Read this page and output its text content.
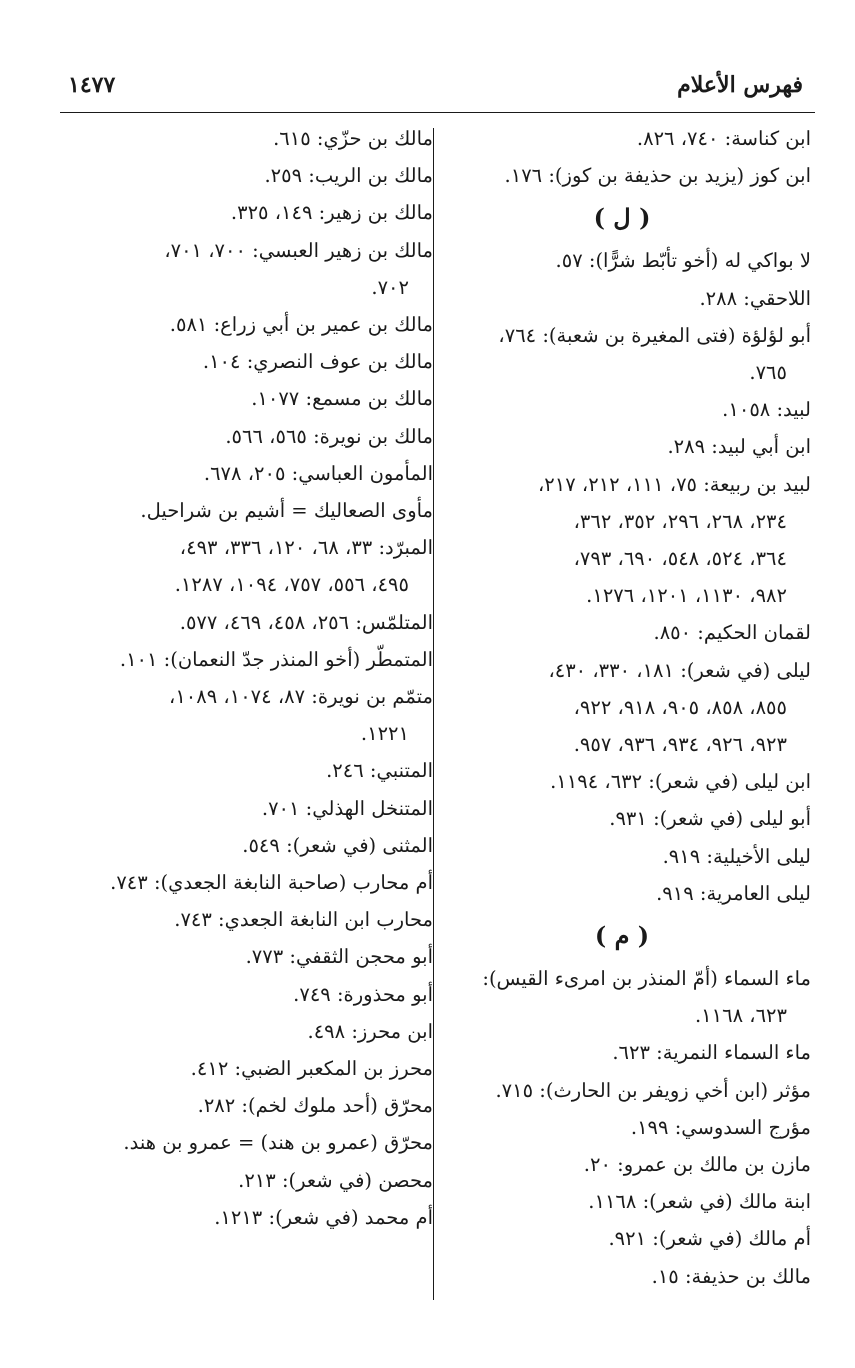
فهرس الأعلام
١٤٧٧
ابن كناسة: ٧٤٠، ٨٢٦.
ابن كوز (يزيد بن حذيفة بن كوز): ١٧٦.
( ل )
لا بواكي له (أخو تأبّط شرًّا): ٥٧.
اللاحقي: ٢٨٨.
أبو لؤلؤة (فتى المغيرة بن شعبة): ٧٦٤،
٧٦٥.
لبيد: ١٠٥٨.
ابن أبي لبيد: ٢٨٩.
لبيد بن ربيعة: ٧٥، ١١١، ٢١٢، ٢١٧،
٢٣٤، ٢٦٨، ٢٩٦، ٣٥٢، ٣٦٢،
٣٦٤، ٥٢٤، ٥٤٨، ٦٩٠، ٧٩٣،
٩٨٢، ١١٣٠، ١٢٠١، ١٢٧٦.
لقمان الحكيم: ٨٥٠.
ليلى (في شعر): ١٨١، ٣٣٠، ٤٣٠،
٨٥٥، ٨٥٨، ٩٠٥، ٩١٨، ٩٢٢،
٩٢٣، ٩٢٦، ٩٣٤، ٩٣٦، ٩٥٧.
ابن ليلى (في شعر): ٦٣٢، ١١٩٤.
أبو ليلى (في شعر): ٩٣١.
ليلى الأخيلية: ٩١٩.
ليلى العامرية: ٩١٩.
( م )
ماء السماء (أمّ المنذر بن امرىء القيس):
٦٢٣، ١١٦٨.
ماء السماء النمرية: ٦٢٣.
مؤثر (ابن أخي زويفر بن الحارث): ٧١٥.
مؤرج السدوسي: ١٩٩.
مازن بن مالك بن عمرو: ٢٠.
ابنة مالك (في شعر): ١١٦٨.
أم مالك (في شعر): ٩٢١.
مالك بن حذيفة: ١٥.
مالك بن حزّي: ٦١٥.
مالك بن الريب: ٢٥٩.
مالك بن زهير: ١٤٩، ٣٢٥.
مالك بن زهير العبسي: ٧٠٠، ٧٠١،
٧٠٢.
مالك بن عمير بن أبي زراع: ٥٨١.
مالك بن عوف النصري: ١٠٤.
مالك بن مسمع: ١٠٧٧.
مالك بن نويرة: ٥٦٥، ٥٦٦.
المأمون العباسي: ٢٠٥، ٦٧٨.
مأوى الصعاليك = أشيم بن شراحيل.
المبرّد: ٣٣، ٦٨، ١٢٠، ٣٣٦، ٤٩٣،
٤٩٥، ٥٥٦، ٧٥٧، ١٠٩٤، ١٢٨٧.
المتلمّس: ٢٥٦، ٤٥٨، ٤٦٩، ٥٧٧.
المتمطّر (أخو المنذر جدّ النعمان): ١٠١.
متمّم بن نويرة: ٨٧، ١٠٧٤، ١٠٨٩،
١٢٢١.
المتنبي: ٢٤٦.
المتنخل الهذلي: ٧٠١.
المثنى (في شعر): ٥٤٩.
أم محارب (صاحبة النابغة الجعدي): ٧٤٣.
محارب ابن النابغة الجعدي: ٧٤٣.
أبو محجن الثقفي: ٧٧٣.
أبو محذورة: ٧٤٩.
ابن محرز: ٤٩٨.
محرز بن المكعبر الضبي: ٤١٢.
محرّق (أحد ملوك لخم): ٢٨٢.
محرّق (عمرو بن هند) = عمرو بن هند.
محصن (في شعر): ٢١٣.
أم محمد (في شعر): ١٢١٣.
